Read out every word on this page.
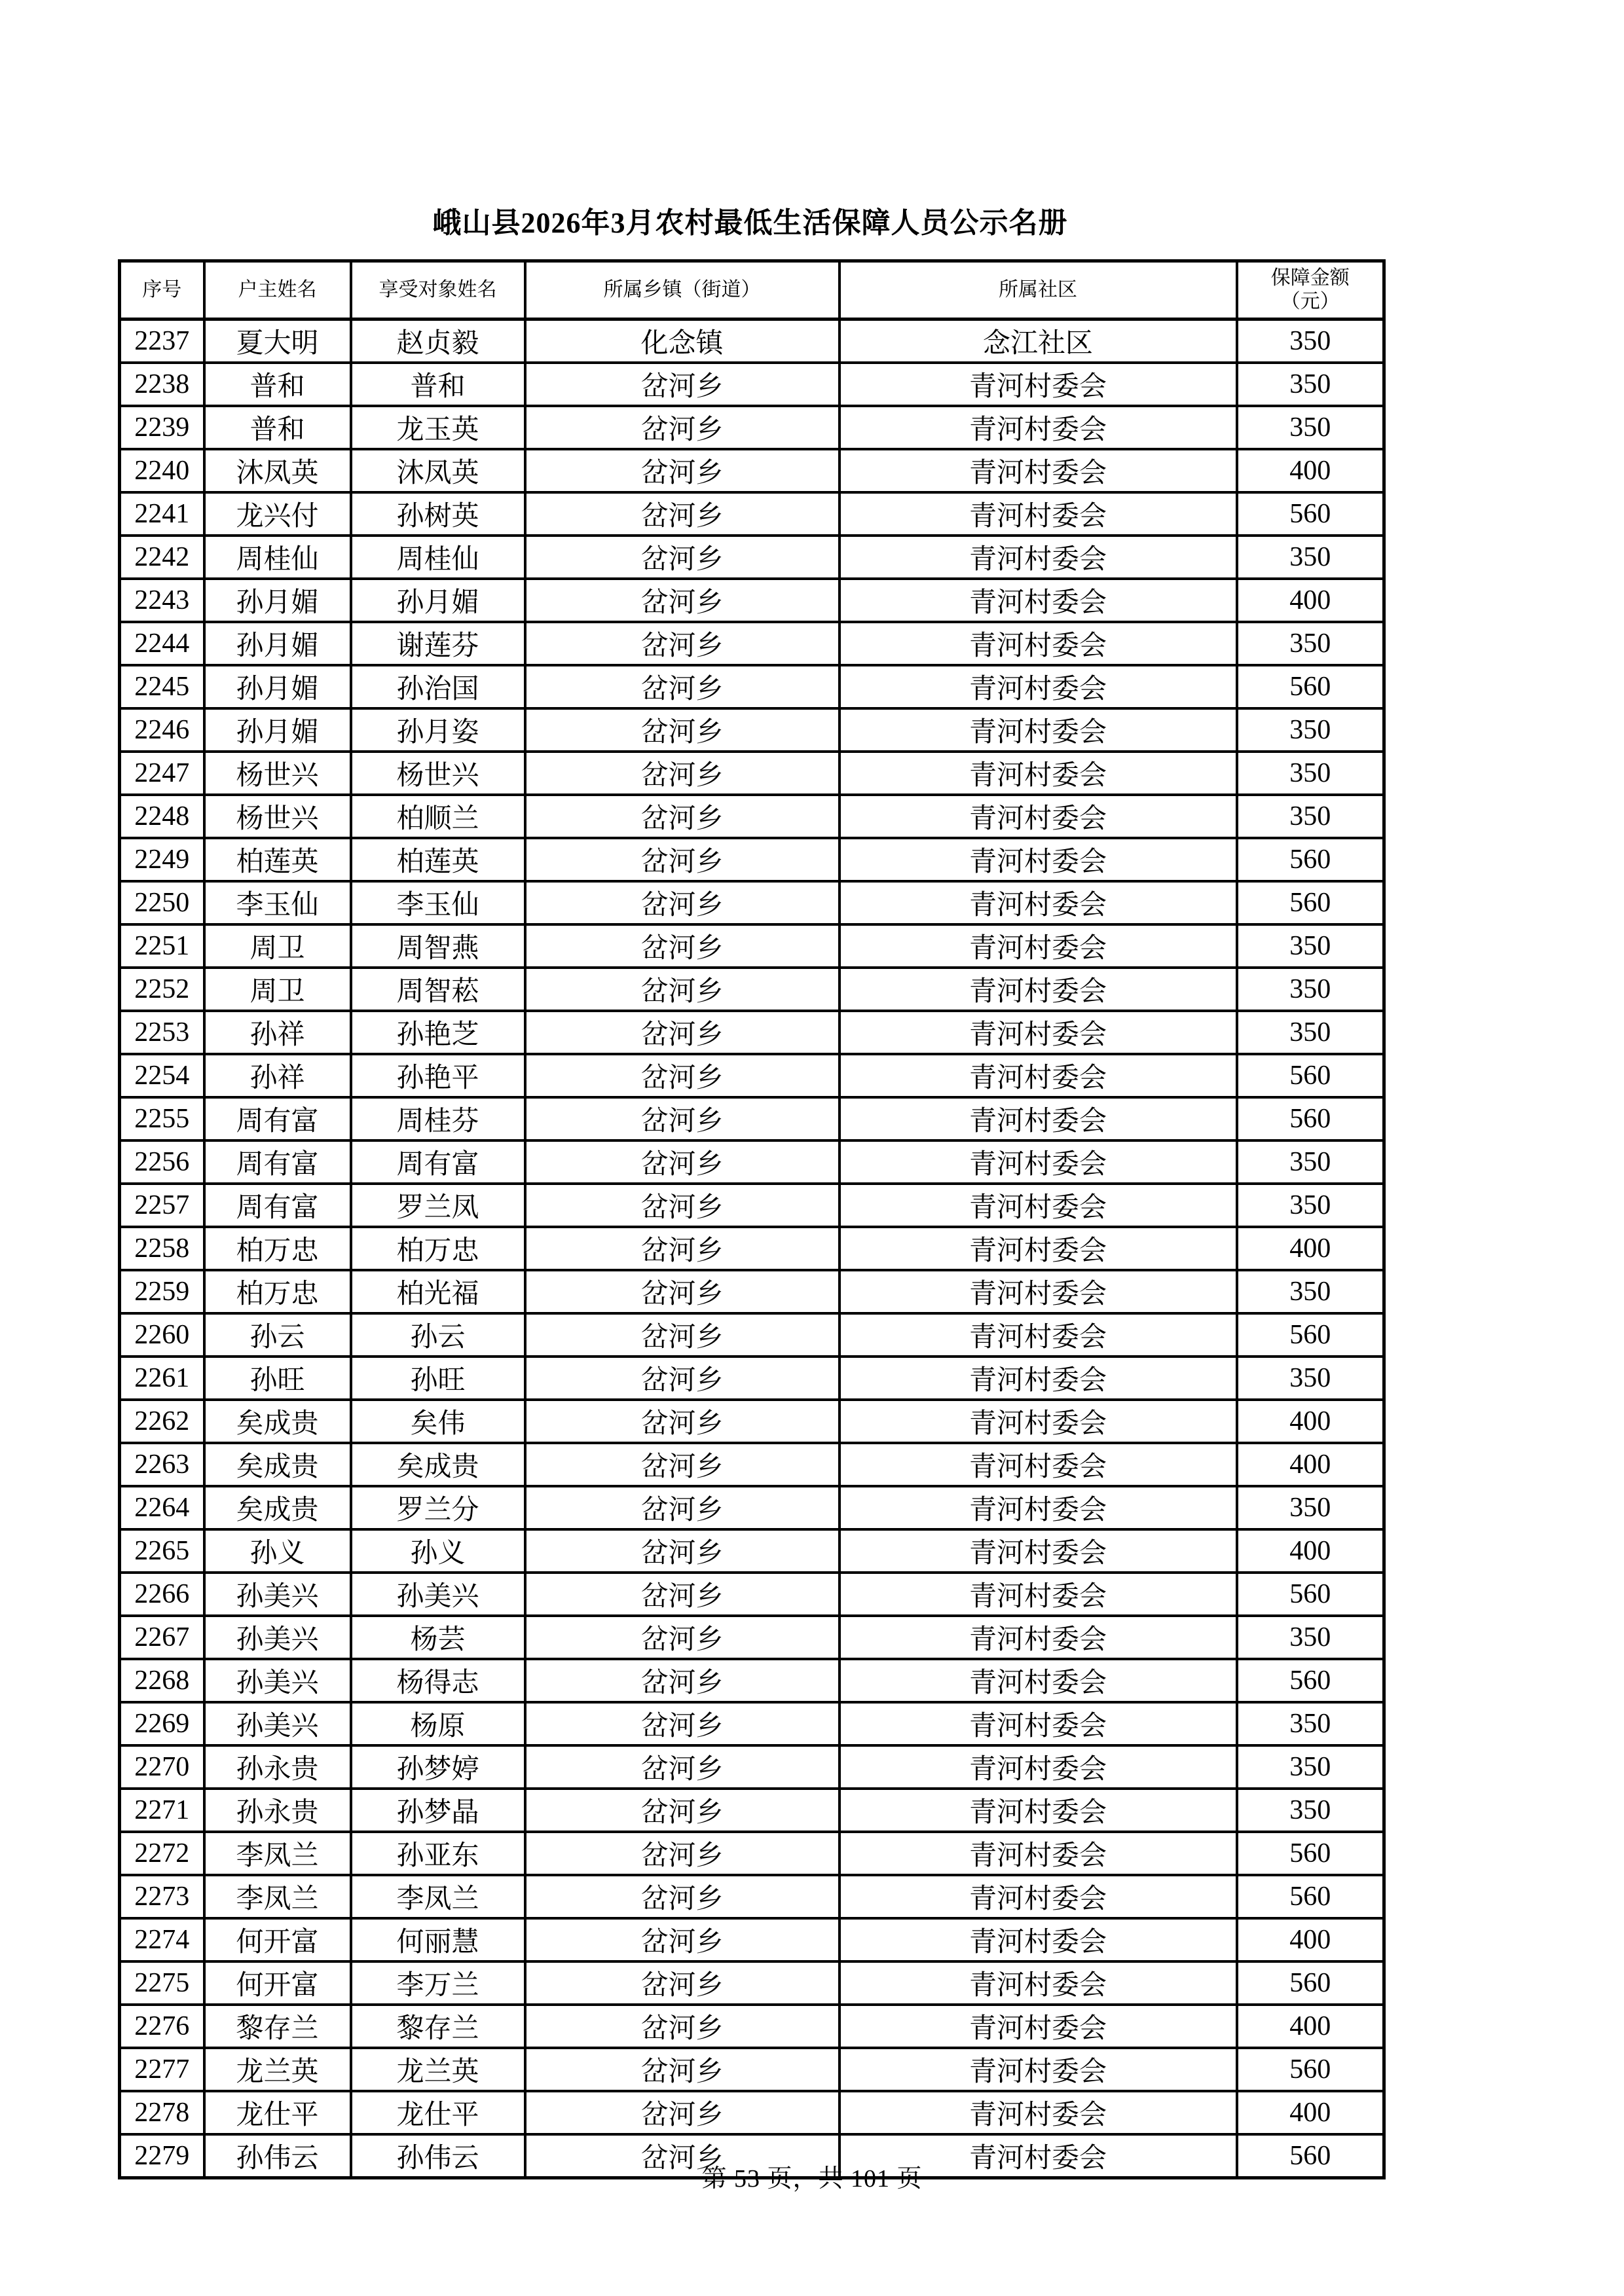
峨山县2026年3月农村最低生活保障人员公示名册
序号	户主姓名	享受对象姓名	所属乡镇（街道）	所属社区	保障金额
（元）
2237	夏大明	赵贞毅	化念镇	念江社区	350
2238	普和	普和	岔河乡	青河村委会	350
2239	普和	龙玉英	岔河乡	青河村委会	350
2240	沐凤英	沐凤英	岔河乡	青河村委会	400
2241	龙兴付	孙树英	岔河乡	青河村委会	560
2242	周桂仙	周桂仙	岔河乡	青河村委会	350
2243	孙月媚	孙月媚	岔河乡	青河村委会	400
2244	孙月媚	谢莲芬	岔河乡	青河村委会	350
2245	孙月媚	孙治国	岔河乡	青河村委会	560
2246	孙月媚	孙月姿	岔河乡	青河村委会	350
2247	杨世兴	杨世兴	岔河乡	青河村委会	350
2248	杨世兴	柏顺兰	岔河乡	青河村委会	350
2249	柏莲英	柏莲英	岔河乡	青河村委会	560
2250	李玉仙	李玉仙	岔河乡	青河村委会	560
2251	周卫	周智燕	岔河乡	青河村委会	350
2252	周卫	周智菘	岔河乡	青河村委会	350
2253	孙祥	孙艳芝	岔河乡	青河村委会	350
2254	孙祥	孙艳平	岔河乡	青河村委会	560
2255	周有富	周桂芬	岔河乡	青河村委会	560
2256	周有富	周有富	岔河乡	青河村委会	350
2257	周有富	罗兰凤	岔河乡	青河村委会	350
2258	柏万忠	柏万忠	岔河乡	青河村委会	400
2259	柏万忠	柏光福	岔河乡	青河村委会	350
2260	孙云	孙云	岔河乡	青河村委会	560
2261	孙旺	孙旺	岔河乡	青河村委会	350
2262	矣成贵	矣伟	岔河乡	青河村委会	400
2263	矣成贵	矣成贵	岔河乡	青河村委会	400
2264	矣成贵	罗兰分	岔河乡	青河村委会	350
2265	孙义	孙义	岔河乡	青河村委会	400
2266	孙美兴	孙美兴	岔河乡	青河村委会	560
2267	孙美兴	杨芸	岔河乡	青河村委会	350
2268	孙美兴	杨得志	岔河乡	青河村委会	560
2269	孙美兴	杨原	岔河乡	青河村委会	350
2270	孙永贵	孙梦婷	岔河乡	青河村委会	350
2271	孙永贵	孙梦晶	岔河乡	青河村委会	350
2272	李凤兰	孙亚东	岔河乡	青河村委会	560
2273	李凤兰	李凤兰	岔河乡	青河村委会	560
2274	何开富	何丽慧	岔河乡	青河村委会	400
2275	何开富	李万兰	岔河乡	青河村委会	560
2276	黎存兰	黎存兰	岔河乡	青河村委会	400
2277	龙兰英	龙兰英	岔河乡	青河村委会	560
2278	龙仕平	龙仕平	岔河乡	青河村委会	400
2279	孙伟云	孙伟云	岔河乡	青河村委会	560
第 53 页，共 101 页
